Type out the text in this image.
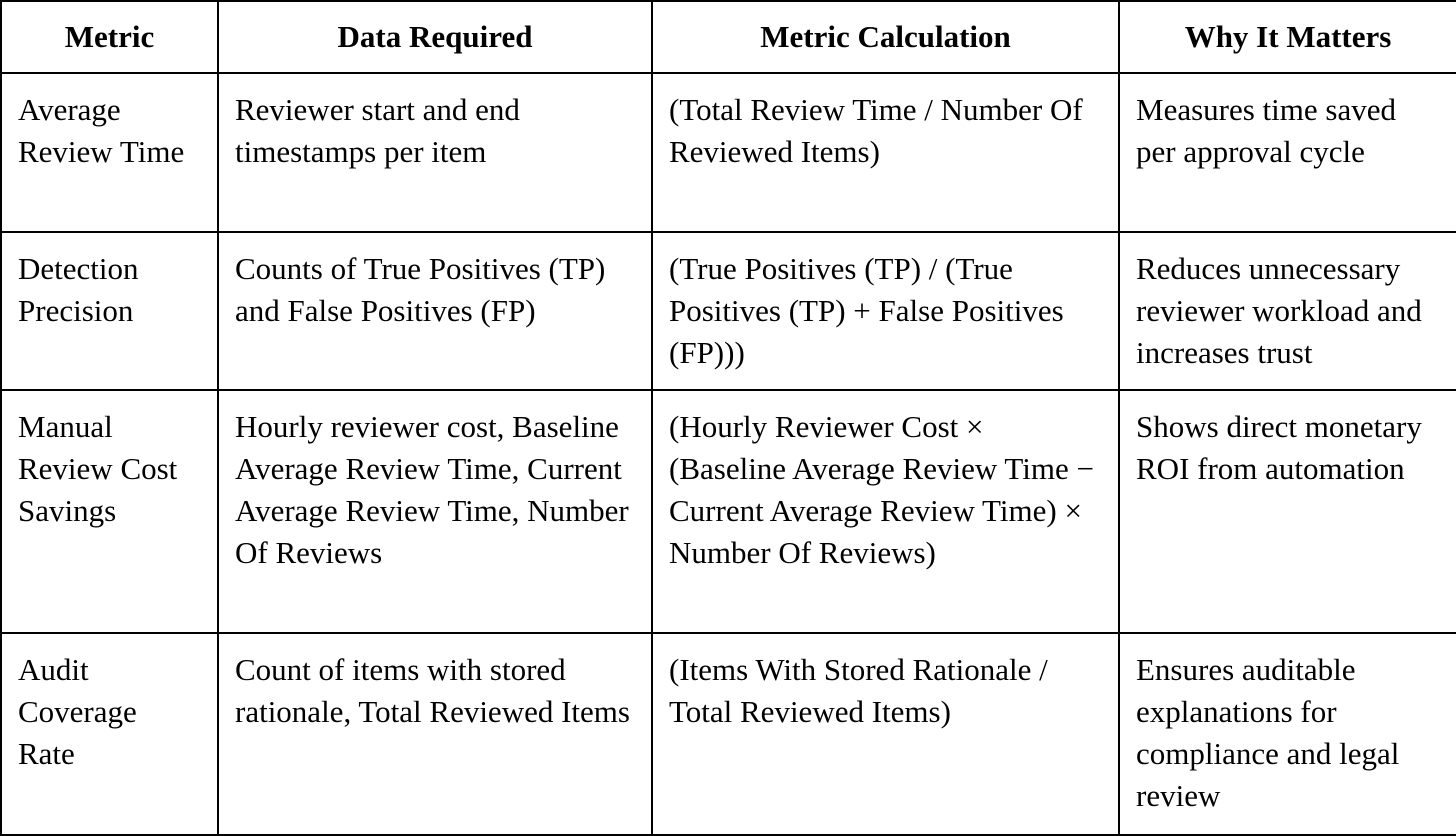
Metric	Data Required	Metric Calculation	Why It Matters
Average Review Time	Reviewer start and end timestamps per item	(Total Review Time / Number Of Reviewed Items)	Measures time saved per approval cycle
Detection Precision	Counts of True Positives (TP) and False Positives (FP)	(True Positives (TP) / (True Positives (TP) + False Positives (FP)))	Reduces unnecessary reviewer workload and increases trust
Manual Review Cost Savings	Hourly reviewer cost, Baseline Average Review Time, Current Average Review Time, Number Of Reviews	(Hourly Reviewer Cost × (Baseline Average Review Time − Current Average Review Time) × Number Of Reviews)	Shows direct monetary ROI from automation
Audit Coverage Rate	Count of items with stored rationale, Total Reviewed Items	(Items With Stored Rationale / Total Reviewed Items)	Ensures auditable explanations for compliance and legal review
